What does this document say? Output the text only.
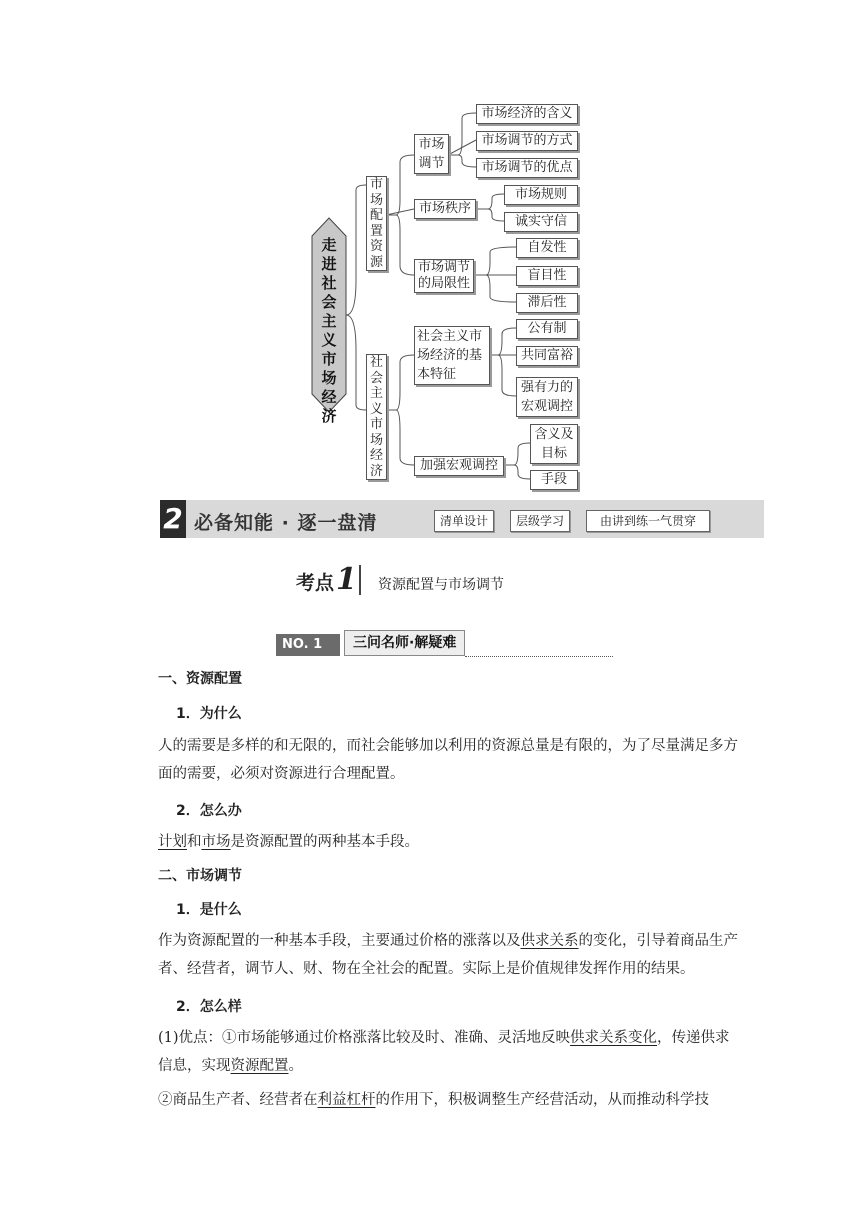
走进社会主义市场经济
市场配置资源
社会主义市场经济
市场调节
市场经济的含义
市场调节的方式
市场调节的优点
市场秩序
市场规则
诚实守信
市场调节的局限性
自发性
盲目性
滞后性
社会主义市场经济的基本特征
公有制
共同富裕
强有力的宏观调控
加强宏观调控
含义及目标
手段
2 必备知能 · 逐一盘清	清单设计	层级学习	由讲到练一气贯穿
考点 1 资源配置与市场调节
NO. 1	三问名师·解疑难
一、资源配置
1．为什么
人的需要是多样的和无限的，而社会能够加以利用的资源总量是有限的，为了尽量满足多方面的需要，必须对资源进行合理配置。
2．怎么办
计划和市场是资源配置的两种基本手段。
二、市场调节
1．是什么
作为资源配置的一种基本手段，主要通过价格的涨落以及供求关系的变化，引导着商品生产者、经营者，调节人、财、物在全社会的配置。实际上是价值规律发挥作用的结果。
2．怎么样
(1)优点：①市场能够通过价格涨落比较及时、准确、灵活地反映供求关系变化，传递供求信息，实现资源配置。
②商品生产者、经营者在利益杠杆的作用下，积极调整生产经营活动，从而推动科学技
